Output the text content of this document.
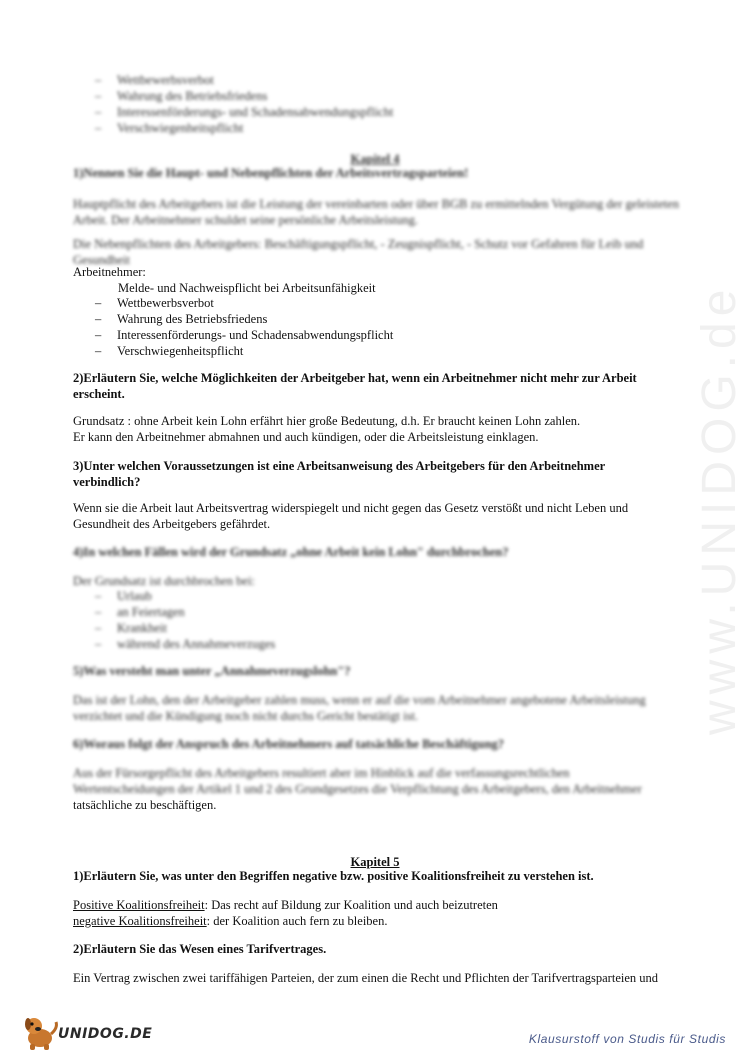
www.UNIDOG.de
– Wettbewerbsverbot
– Wahrung des Betriebsfriedens
– Interessenförderungs- und Schadensabwendungspflicht
– Verschwiegenheitspflicht
Kapitel 4
1)Nennen Sie die Haupt- und Nebenpflichten der Arbeitsvertragsparteien!
Hauptpflicht des Arbeitgebers ist die Leistung der vereinbarten oder über BGB zu ermittelnden Vergütung der geleisteten
Arbeit. Der Arbeitnehmer schuldet seine persönliche Arbeitsleistung.
Die Nebenpflichten des Arbeitgebers: Beschäftigungspflicht, - Zeugnispflicht, - Schutz vor Gefahren für Leib und
Gesundheit
Arbeitnehmer:
Melde- und Nachweispflicht bei Arbeitsunfähigkeit
– Wettbewerbsverbot
– Wahrung des Betriebsfriedens
– Interessenförderungs- und Schadensabwendungspflicht
– Verschwiegenheitspflicht
2)Erläutern Sie, welche Möglichkeiten der Arbeitgeber hat, wenn ein Arbeitnehmer nicht mehr zur Arbeit
erscheint.
Grundsatz : ohne Arbeit kein Lohn erfährt hier große Bedeutung, d.h. Er braucht keinen Lohn zahlen.
Er kann den Arbeitnehmer abmahnen und auch kündigen, oder die Arbeitsleistung einklagen.
3)Unter welchen Voraussetzungen ist eine Arbeitsanweisung des Arbeitgebers für den Arbeitnehmer
verbindlich?
Wenn sie die Arbeit laut Arbeitsvertrag widerspiegelt und nicht gegen das Gesetz verstößt und nicht Leben und
Gesundheit des Arbeitgebers gefährdet.
4)In welchen Fällen wird der Grundsatz „ohne Arbeit kein Lohn" durchbrochen?
Der Grundsatz ist durchbrochen bei:
– Urlaub
– an Feiertagen
– Krankheit
– während des Annahmeverzuges
5)Was versteht man unter „Annahmeverzugslohn"?
Das ist der Lohn, den der Arbeitgeber zahlen muss, wenn er auf die vom Arbeitnehmer angebotene Arbeitsleistung
verzichtet und die Kündigung noch nicht durchs Gericht bestätigt ist.
6)Woraus folgt der Anspruch des Arbeitnehmers auf tatsächliche Beschäftigung?
Aus der Fürsorgepflicht des Arbeitgebers resultiert aber im Hinblick auf die verfassungsrechtlichen
Wertentscheidungen der Artikel 1 und 2 des Grundgesetzes die Verpflichtung des Arbeitgebers, den Arbeitnehmer
tatsächliche zu beschäftigen.
Kapitel 5
1)Erläutern Sie, was unter den Begriffen negative bzw. positive Koalitionsfreiheit zu verstehen ist.
Positive Koalitionsfreiheit: Das recht auf Bildung zur Koalition und auch beizutreten
negative Koalitionsfreiheit: der Koalition auch fern zu bleiben.
2)Erläutern Sie das Wesen eines Tarifvertrages.
Ein Vertrag zwischen zwei tariffähigen Parteien, der zum einen die Recht und Pflichten der Tarifvertragsparteien und
UNIDOG.DE	Klausurstoff von Studis für Studis
